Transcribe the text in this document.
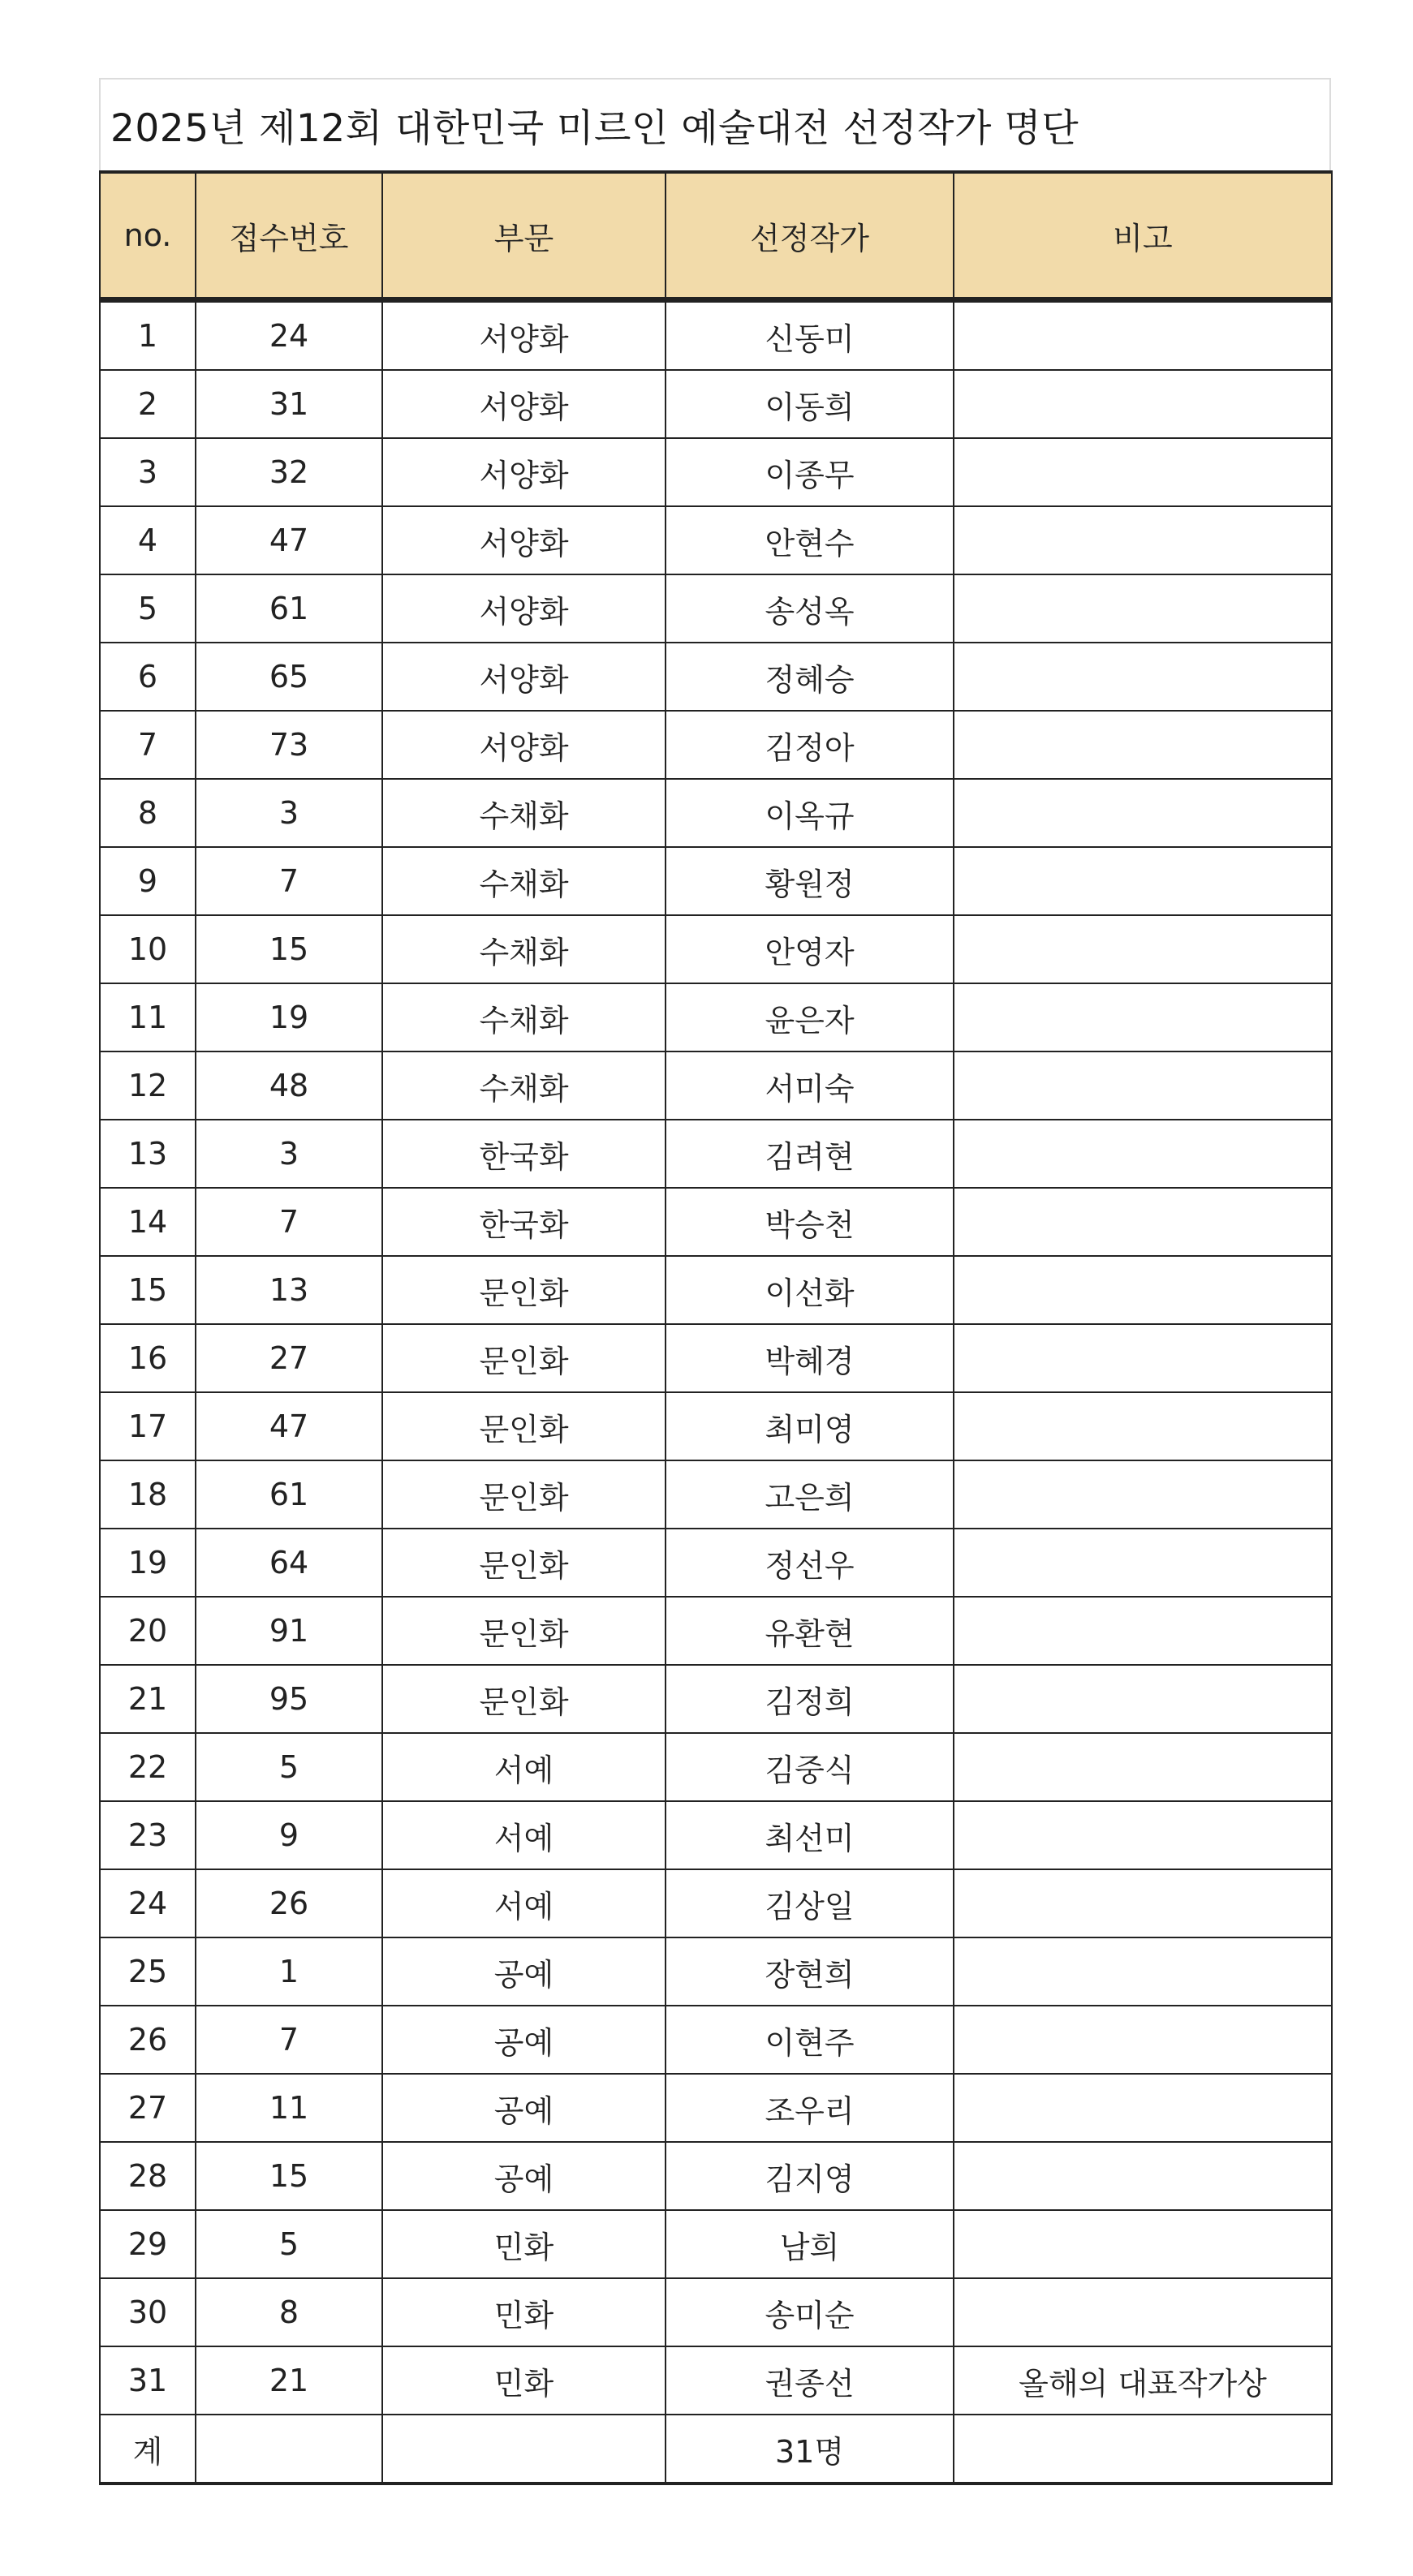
2025년 제12회 대한민국 미르인 예술대전 선정작가 명단
no.	접수번호	부문	선정작가	비고
1	24	서양화	신동미	
2	31	서양화	이동희	
3	32	서양화	이종무	
4	47	서양화	안현수	
5	61	서양화	송성옥	
6	65	서양화	정혜승	
7	73	서양화	김정아	
8	3	수채화	이옥규	
9	7	수채화	황원정	
10	15	수채화	안영자	
11	19	수채화	윤은자	
12	48	수채화	서미숙	
13	3	한국화	김려현	
14	7	한국화	박승천	
15	13	문인화	이선화	
16	27	문인화	박혜경	
17	47	문인화	최미영	
18	61	문인화	고은희	
19	64	문인화	정선우	
20	91	문인화	유환현	
21	95	문인화	김정희	
22	5	서예	김중식	
23	9	서예	최선미	
24	26	서예	김상일	
25	1	공예	장현희	
26	7	공예	이현주	
27	11	공예	조우리	
28	15	공예	김지영	
29	5	민화	남희	
30	8	민화	송미순	
31	21	민화	권종선	올해의 대표작가상
계			31명	
